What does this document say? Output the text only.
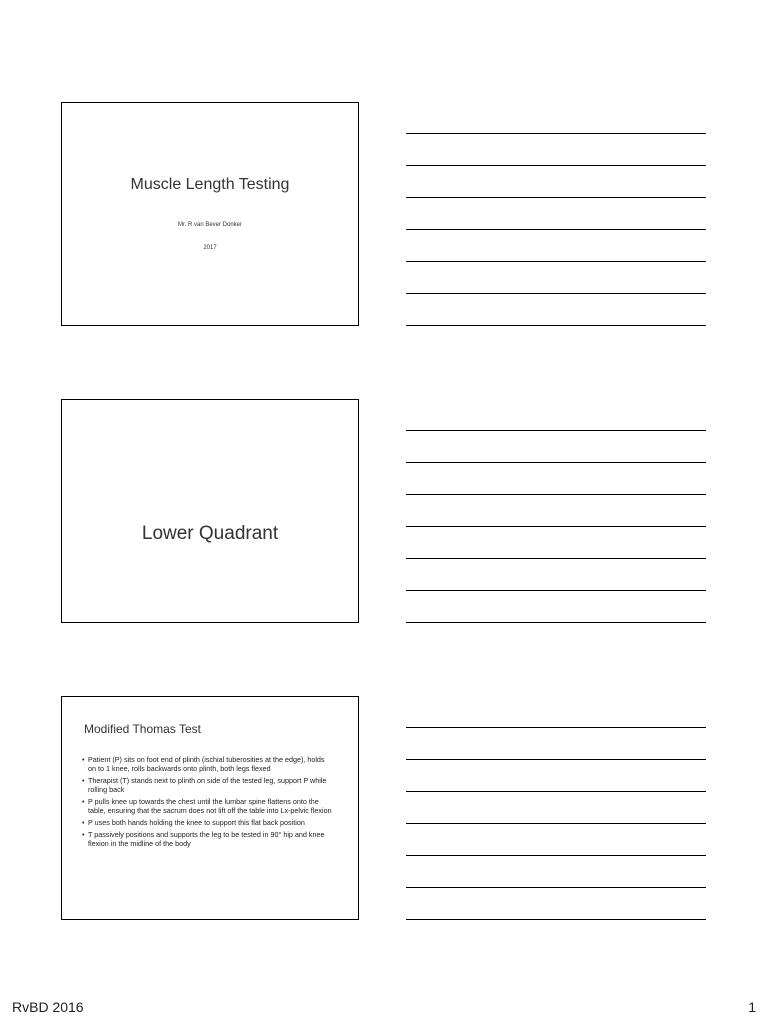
Muscle Length Testing
Mr. R van Bever Donker
2017
Lower Quadrant
Modified Thomas Test
• Patient (P) sits on foot end of plinth (ischial tuberosities at the edge), holds on to 1 knee, rolls backwards onto plinth, both legs flexed
• Therapist (T) stands next to plinth on side of the tested leg, support P while rolling back
• P pulls knee up towards the chest until the lumbar spine flattens onto the table, ensuring that the sacrum does not lift off the table into Lx-pelvic flexion
• P uses both hands holding the knee to support this flat back position
• T passively positions and supports the leg to be tested in 90° hip and knee flexion in the midline of the body
RvBD 2016	1
